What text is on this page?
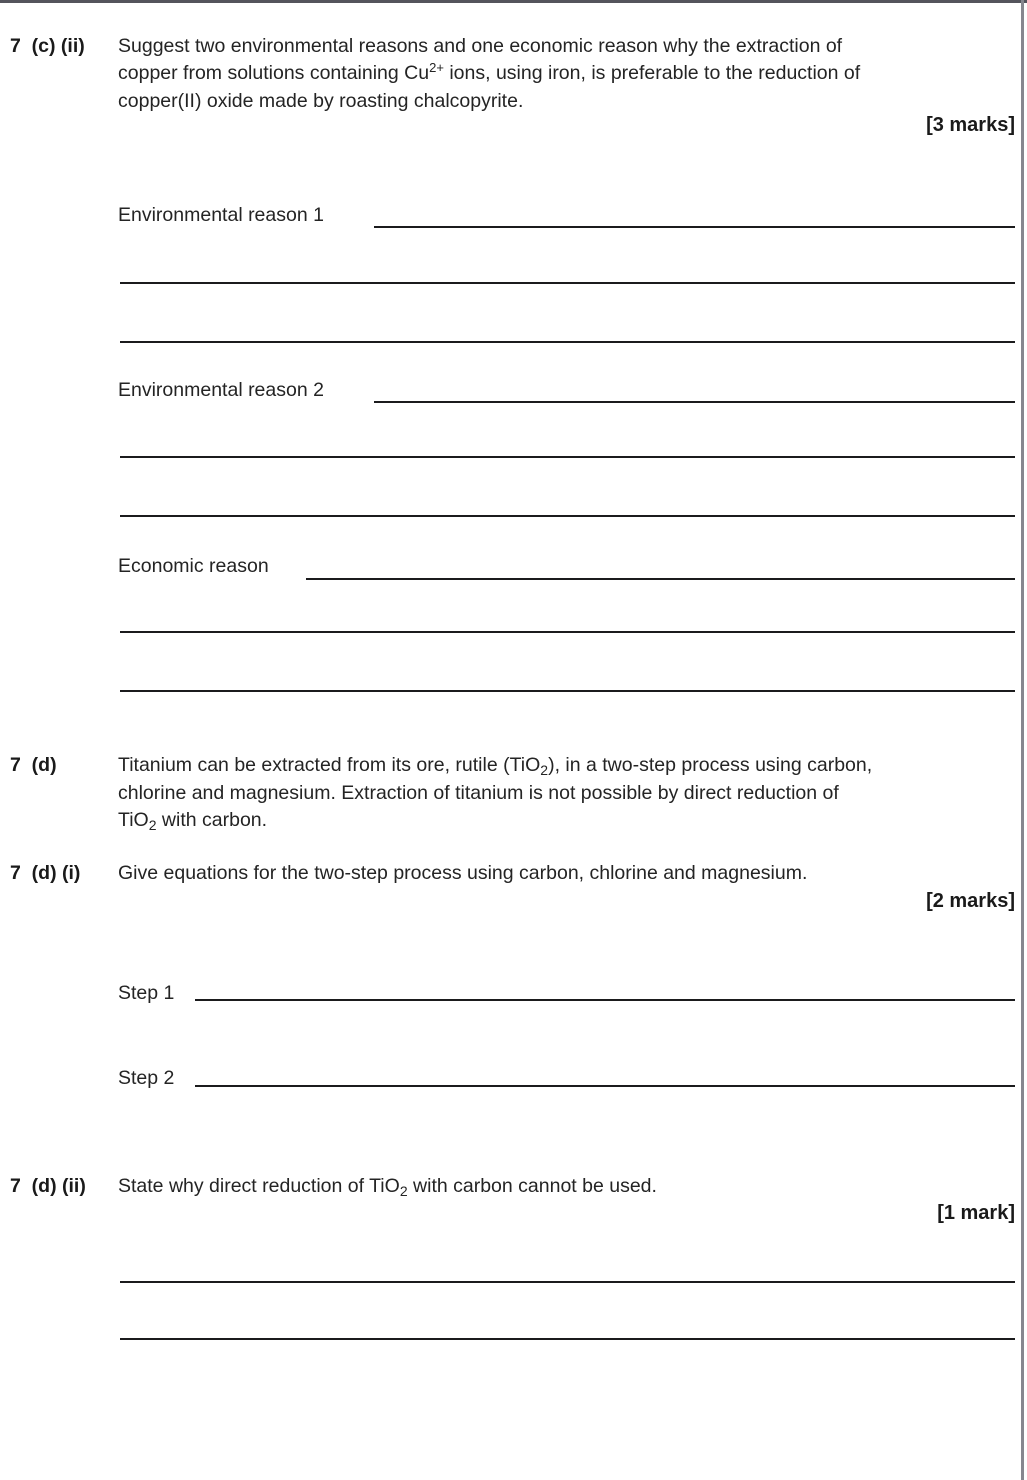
7  (c) (ii) Suggest two environmental reasons and one economic reason why the extraction of
copper from solutions containing $Cu^{2+}$ ions, using iron, is preferable to the reduction of
copper(II) oxide made by roasting chalcopyrite.
[3 marks]
Environmental reason 1
Environmental reason 2
Economic reason
7  (d)	Titanium can be extracted from its ore, rutile (TiO$_2$), in a two-step process using carbon,
chlorine and magnesium. Extraction of titanium is not possible by direct reduction of
TiO$_2$ with carbon.
7  (d) (i) Give equations for the two-step process using carbon, chlorine and magnesium.
[2 marks]
Step 1
Step 2
7  (d) (ii) State why direct reduction of TiO$_2$ with carbon cannot be used.
[1 mark]
